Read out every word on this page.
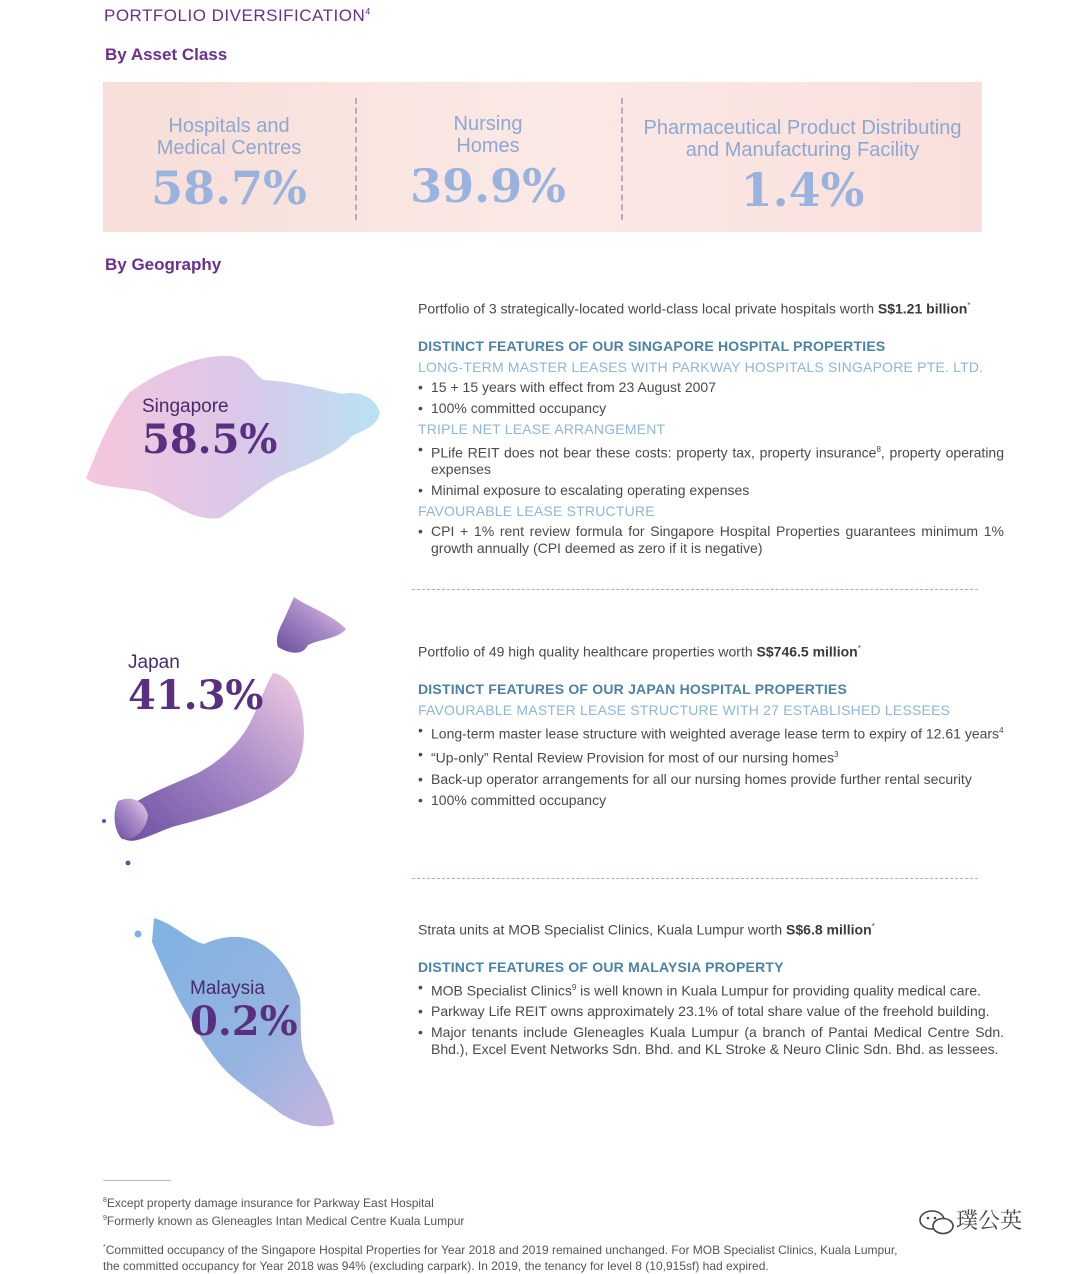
PORTFOLIO DIVERSIFICATION$^4$
By Asset Class
Hospitals and
Medical Centres
58.7%
Nursing
Homes
39.9%
Pharmaceutical Product Distributing
and Manufacturing Facility
1.4%
By Geography
Singapore
58.5%
Japan
41.3%
Malaysia
0.2%
Portfolio of 3 strategically-located world-class local private hospitals worth S$1.21 billion*
DISTINCT FEATURES OF OUR SINGAPORE HOSPITAL PROPERTIES
LONG-TERM MASTER LEASES WITH PARKWAY HOSPITALS SINGAPORE PTE. LTD.
• 15 + 15 years with effect from 23 August 2007
• 100% committed occupancy
TRIPLE NET LEASE ARRANGEMENT
• PLife REIT does not bear these costs: property tax, property insurance$^8$, property operating expenses
• Minimal exposure to escalating operating expenses
FAVOURABLE LEASE STRUCTURE
• CPI + 1% rent review formula for Singapore Hospital Properties guarantees minimum 1% growth annually (CPI deemed as zero if it is negative)
Portfolio of 49 high quality healthcare properties worth S$746.5 million*
DISTINCT FEATURES OF OUR JAPAN HOSPITAL PROPERTIES
FAVOURABLE MASTER LEASE STRUCTURE WITH 27 ESTABLISHED LESSEES
• Long-term master lease structure with weighted average lease term to expiry of 12.61 years$^4$
• “Up-only” Rental Review Provision for most of our nursing homes$^3$
• Back-up operator arrangements for all our nursing homes provide further rental security
• 100% committed occupancy
Strata units at MOB Specialist Clinics, Kuala Lumpur worth S$6.8 million*
DISTINCT FEATURES OF OUR MALAYSIA PROPERTY
• MOB Specialist Clinics$^9$ is well known in Kuala Lumpur for providing quality medical care.
• Parkway Life REIT owns approximately 23.1% of total share value of the freehold building.
• Major tenants include Gleneagles Kuala Lumpur (a branch of Pantai Medical Centre Sdn. Bhd.), Excel Event Networks Sdn. Bhd. and KL Stroke & Neuro Clinic Sdn. Bhd. as lessees.
$^8$Except property damage insurance for Parkway East Hospital
$^9$Formerly known as Gleneagles Intan Medical Centre Kuala Lumpur
*Committed occupancy of the Singapore Hospital Properties for Year 2018 and 2019 remained unchanged. For MOB Specialist Clinics, Kuala Lumpur,
the committed occupancy for Year 2018 was 94% (excluding carpark). In 2019, the tenancy for level 8 (10,915sf) had expired.
璞公英
